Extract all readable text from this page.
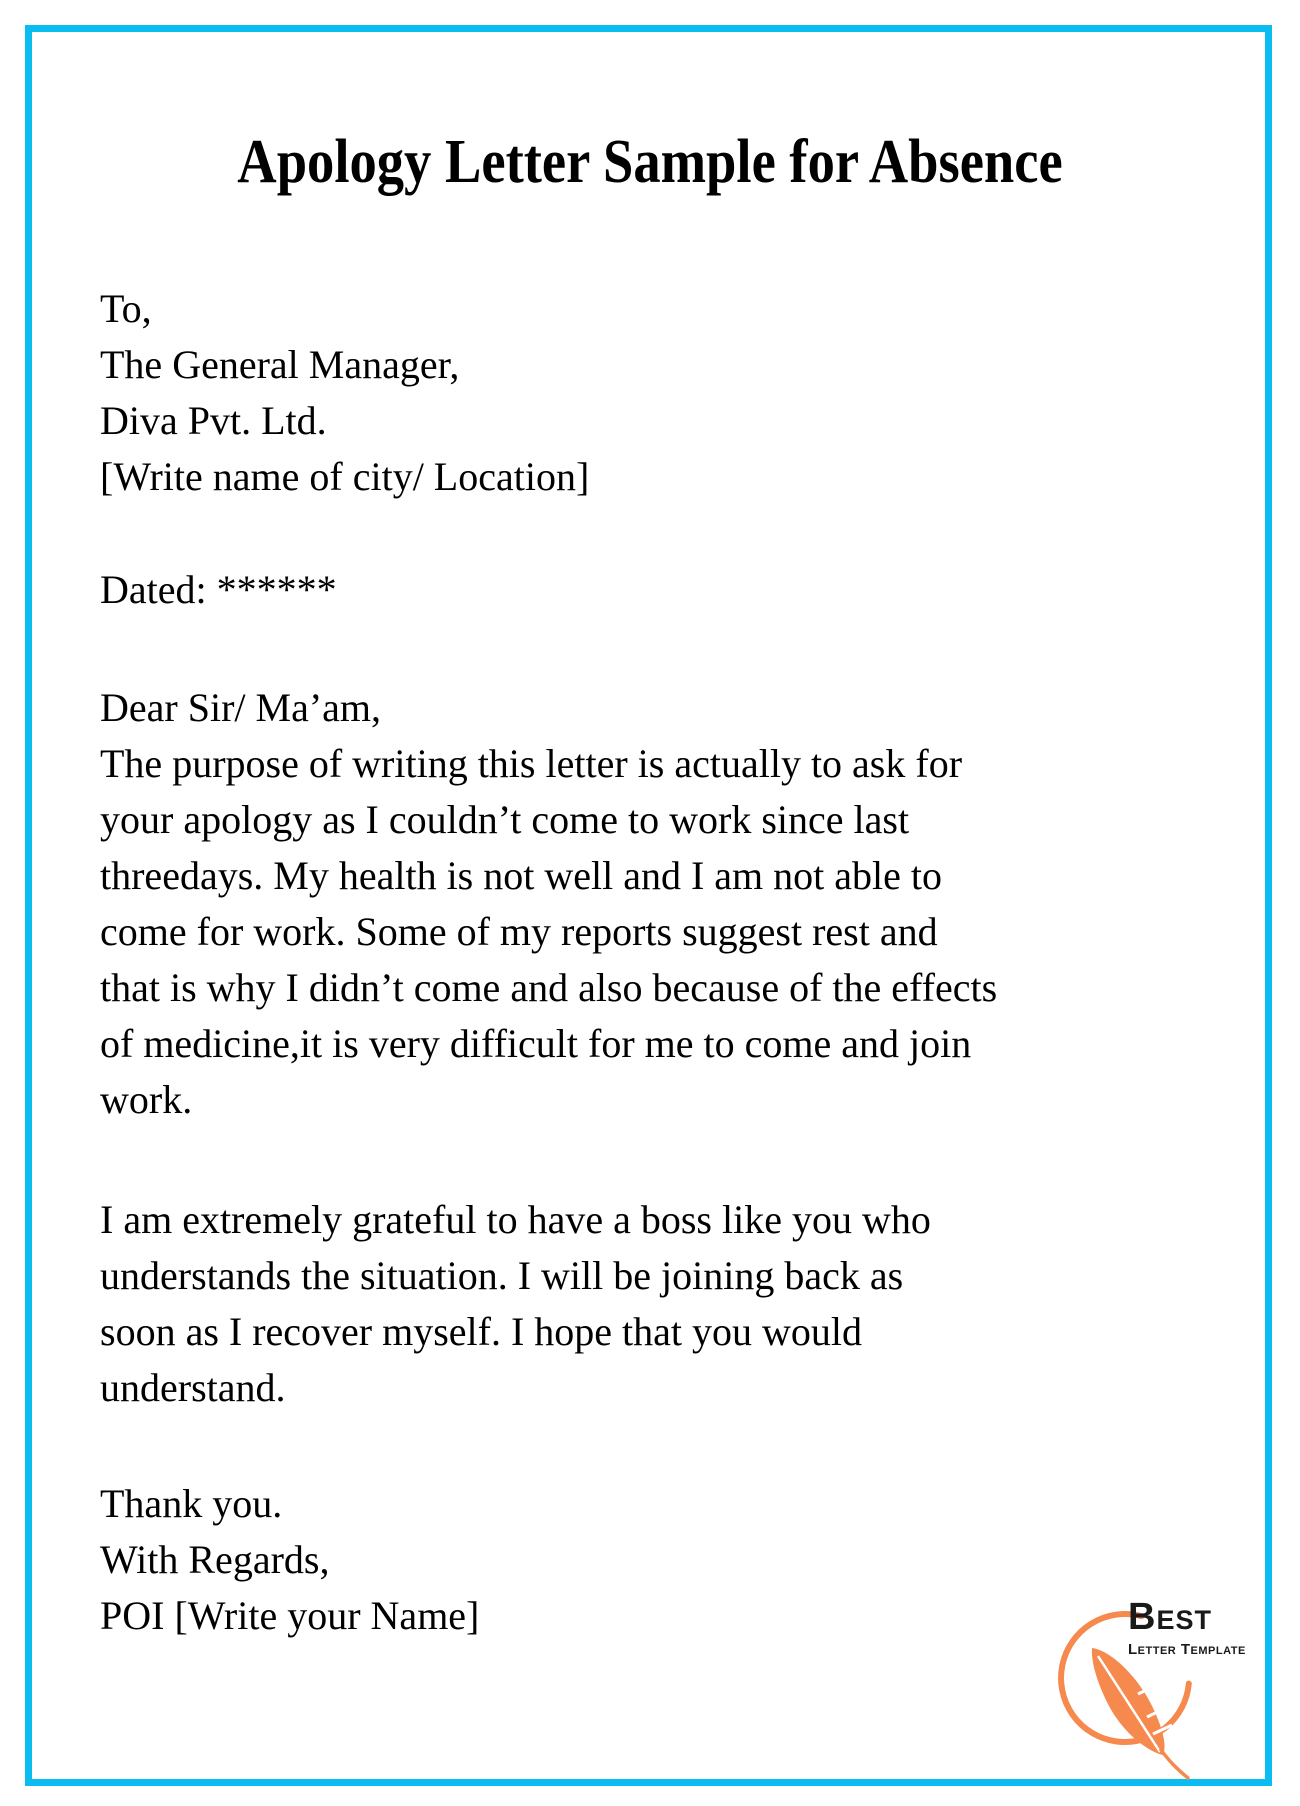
Apology Letter Sample for Absence
To,
The General Manager,
Diva Pvt. Ltd.
[Write name of city/ Location]
Dated: ******
Dear Sir/ Ma’am,
The purpose of writing this letter is actually to ask for
your apology as I couldn’t come to work since last
threedays. My health is not well and I am not able to
come for work. Some of my reports suggest rest and
that is why I didn’t come and also because of the effects
of medicine,it is very difficult for me to come and join
work.
I am extremely grateful to have a boss like you who
understands the situation. I will be joining back as
soon as I recover myself. I hope that you would
understand.
Thank you.
With Regards,
POI [Write your Name]	Best
Letter Template
